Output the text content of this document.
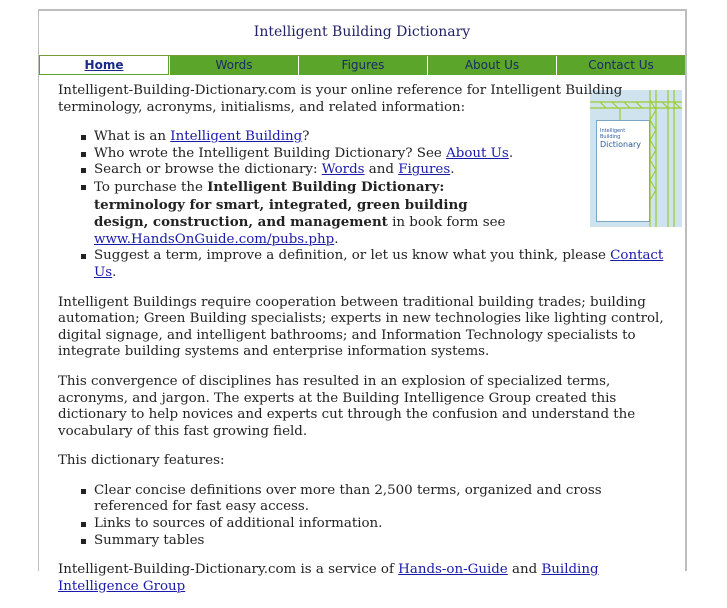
Intelligent Building Dictionary
Home	Words	Figures	About Us	Contact Us
Intelligent Building
Dictionary

Intelligent-Building-Dictionary.com is your online reference for Intelligent Building terminology, acronyms, initialisms, and related information:

What is an Intelligent Building?
Who wrote the Intelligent Building Dictionary? See About Us.
Search or browse the dictionary: Words and Figures.
To purchase the Intelligent Building Dictionary: terminology for smart, integrated, green building design, construction, and management in book form see www.HandsOnGuide.com/pubs.php.
Suggest a term, improve a definition, or let us know what you think, please Contact Us.

Intelligent Buildings require cooperation between traditional building trades; building automation; Green Building specialists; experts in new technologies like lighting control, digital signage, and intelligent bathrooms; and Information Technology specialists to integrate building systems and enterprise information systems.

This convergence of disciplines has resulted in an explosion of specialized terms, acronyms, and jargon. The experts at the Building Intelligence Group created this dictionary to help novices and experts cut through the confusion and understand the vocabulary of this fast growing field.

This dictionary features:

Clear concise definitions over more than 2,500 terms, organized and cross referenced for fast easy access.
Links to sources of additional information.
Summary tables

Intelligent-Building-Dictionary.com is a service of Hands-on-Guide and Building Intelligence Group
